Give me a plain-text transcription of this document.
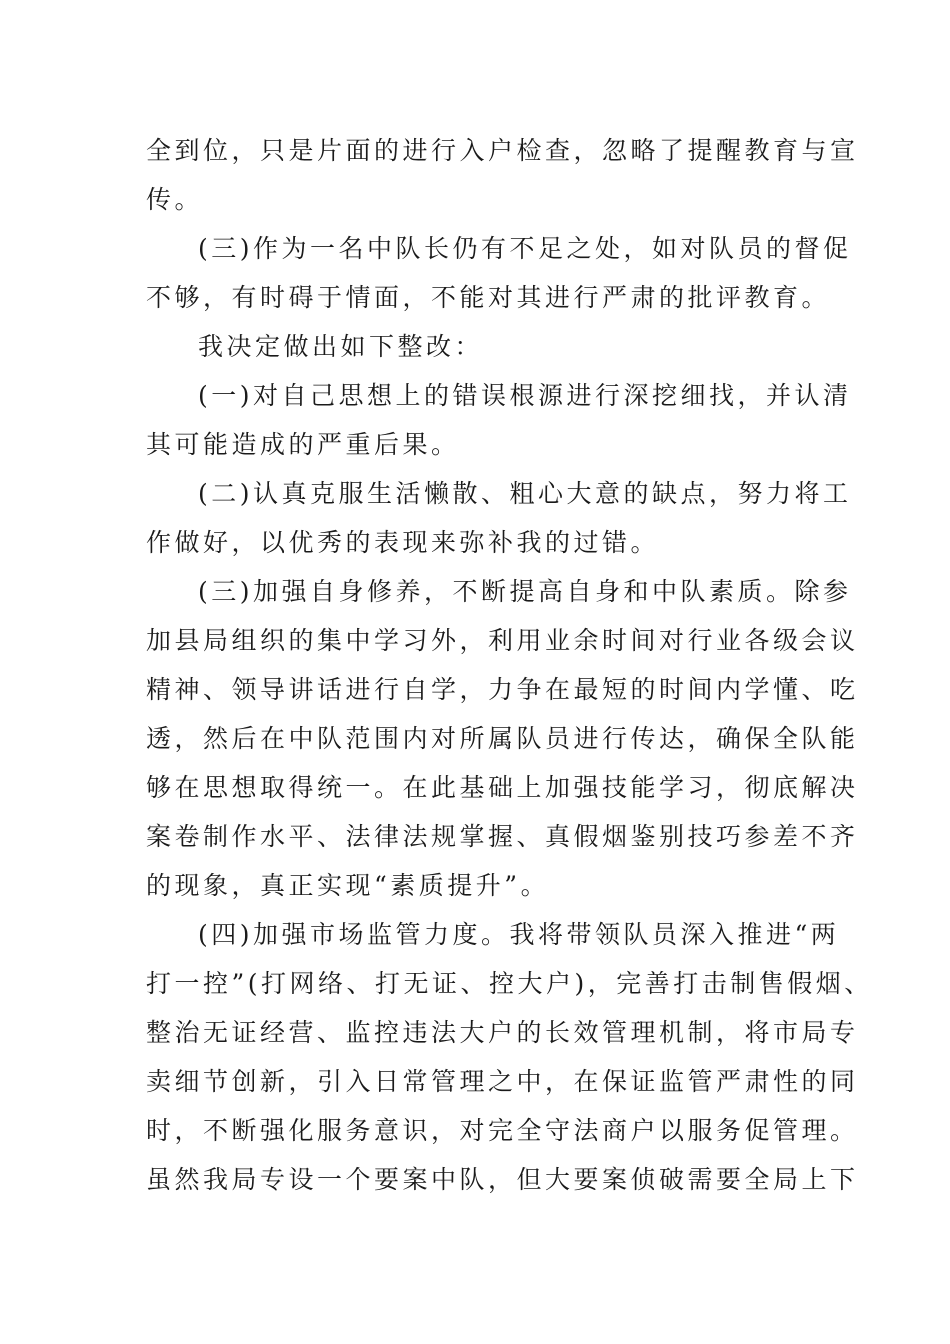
全到位，只是片面的进行入户检查，忽略了提醒教育与宣
传。
(三)作为一名中队长仍有不足之处，如对队员的督促
不够，有时碍于情面，不能对其进行严肃的批评教育。
我决定做出如下整改：
(一)对自己思想上的错误根源进行深挖细找，并认清
其可能造成的严重后果。
(二)认真克服生活懒散、粗心大意的缺点，努力将工
作做好，以优秀的表现来弥补我的过错。
(三)加强自身修养，不断提高自身和中队素质。除参
加县局组织的集中学习外，利用业余时间对行业各级会议
精神、领导讲话进行自学，力争在最短的时间内学懂、吃
透，然后在中队范围内对所属队员进行传达，确保全队能
够在思想取得统一。在此基础上加强技能学习，彻底解决
案卷制作水平、法律法规掌握、真假烟鉴别技巧参差不齐
的现象，真正实现“素质提升”。
(四)加强市场监管力度。我将带领队员深入推进“两
打一控”(打网络、打无证、控大户)，完善打击制售假烟、
整治无证经营、监控违法大户的长效管理机制，将市局专
卖细节创新，引入日常管理之中，在保证监管严肃性的同
时，不断强化服务意识，对完全守法商户以服务促管理。
虽然我局专设一个要案中队，但大要案侦破需要全局上下
